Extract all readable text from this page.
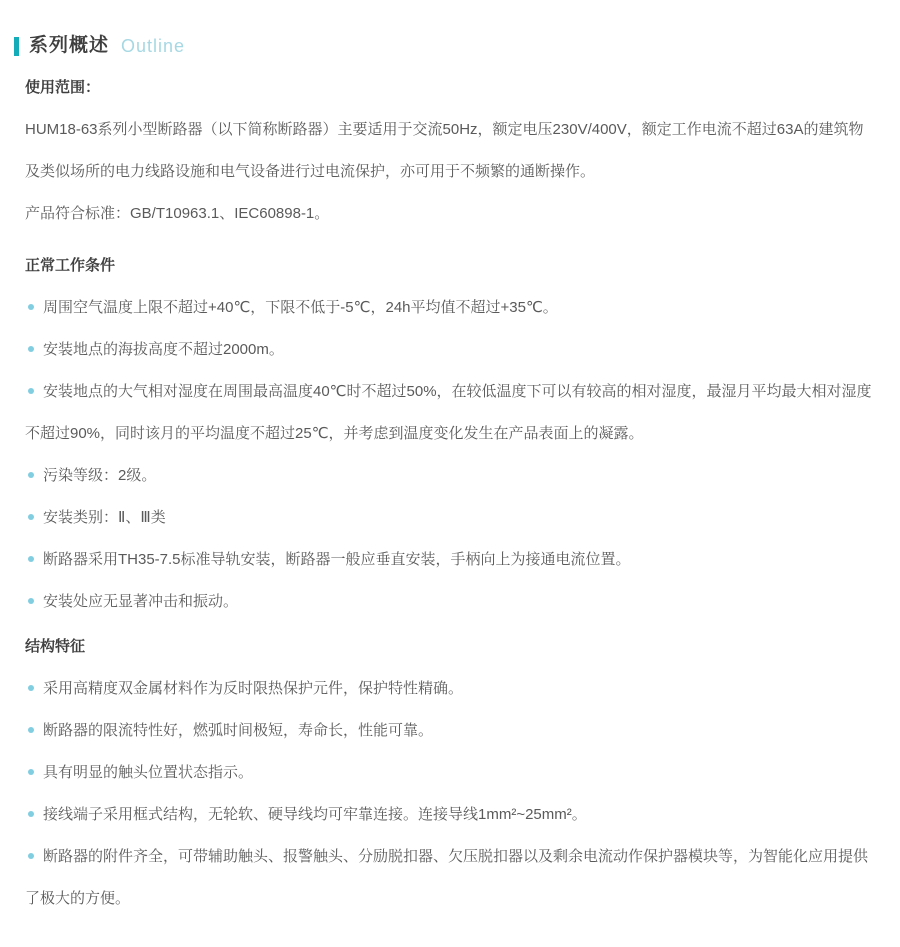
系列概述 Outline
使用范围：

HUM18-63系列小型断路器（以下简称断路器）主要适用于交流50Hz，额定电压230V/400V，额定工作电流不超过63A的建筑物及类似场所的电力线路设施和电气设备进行过电流保护，亦可用于不频繁的通断操作。

产品符合标准：GB/T10963.1、IEC60898-1。

正常工作条件
周围空气温度上限不超过+40℃，下限不低于-5℃，24h平均值不超过+35℃。
安装地点的海拔高度不超过2000m。
安装地点的大气相对湿度在周围最高温度40℃时不超过50%，在较低温度下可以有较高的相对湿度，最湿月平均最大相对湿度不超过90%，同时该月的平均温度不超过25℃，并考虑到温度变化发生在产品表面上的凝露。
污染等级：2级。
安装类别：Ⅱ、Ⅲ类
断路器采用TH35-7.5标准导轨安装，断路器一般应垂直安装，手柄向上为接通电流位置。
安装处应无显著冲击和振动。
结构特征
采用高精度双金属材料作为反时限热保护元件，保护特性精确。
断路器的限流特性好，燃弧时间极短，寿命长，性能可靠。
具有明显的触头位置状态指示。
接线端子采用框式结构，无轮软、硬导线均可牢靠连接。连接导线1mm²~25mm²。
断路器的附件齐全，可带辅助触头、报警触头、分励脱扣器、欠压脱扣器以及剩余电流动作保护器模块等，为智能化应用提供了极大的方便。
